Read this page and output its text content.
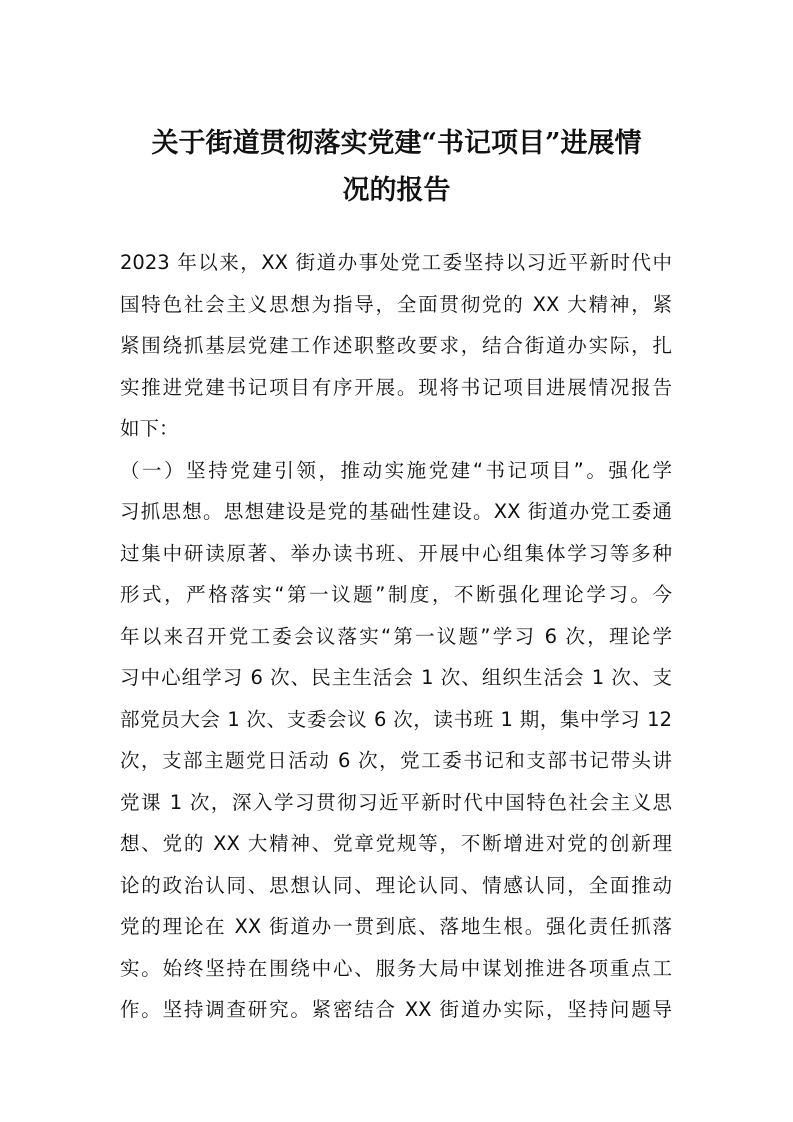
关于街道贯彻落实党建“书记项目”进展情
况的报告
2023 年以来，XX 街道办事处党工委坚持以习近平新时代中
国特色社会主义思想为指导，全面贯彻党的 XX 大精神，紧
紧围绕抓基层党建工作述职整改要求，结合街道办实际，扎
实推进党建书记项目有序开展。现将书记项目进展情况报告
如下：
（一）坚持党建引领，推动实施党建“书记项目”。强化学
习抓思想。思想建设是党的基础性建设。XX 街道办党工委通
过集中研读原著、举办读书班、开展中心组集体学习等多种
形式，严格落实“第一议题”制度，不断强化理论学习。今
年以来召开党工委会议落实“第一议题”学习 6 次，理论学
习中心组学习 6 次、民主生活会 1 次、组织生活会 1 次、支
部党员大会 1 次、支委会议 6 次，读书班 1 期，集中学习 12
次，支部主题党日活动 6 次，党工委书记和支部书记带头讲
党课 1 次，深入学习贯彻习近平新时代中国特色社会主义思
想、党的 XX 大精神、党章党规等，不断增进对党的创新理
论的政治认同、思想认同、理论认同、情感认同，全面推动
党的理论在 XX 街道办一贯到底、落地生根。强化责任抓落
实。始终坚持在围绕中心、服务大局中谋划推进各项重点工
作。坚持调查研究。紧密结合 XX 街道办实际，坚持问题导
